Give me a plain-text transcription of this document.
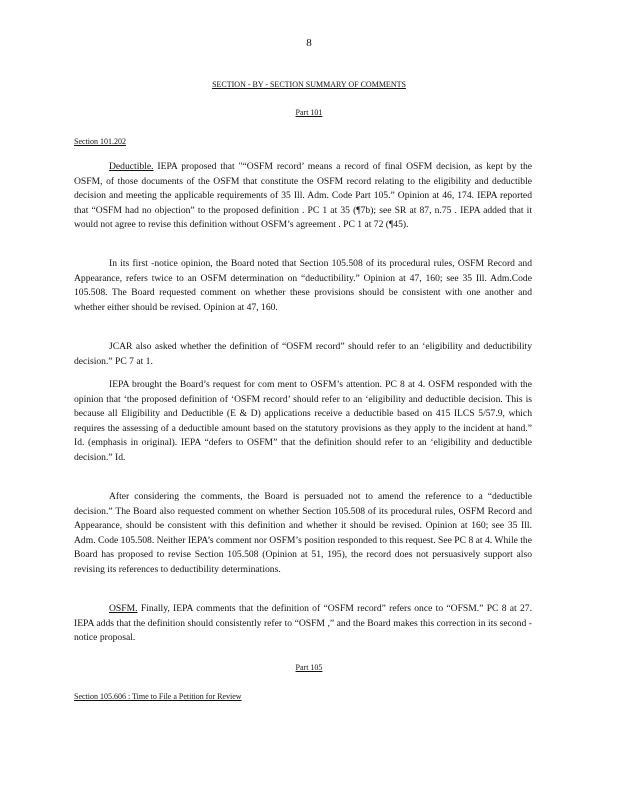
8
SECTION - BY - SECTION SUMMARY OF COMMENTS
Part 101
Section 101.202

Deductible. IEPA proposed that "“OSFM record’ means a record of final OSFM decision, as kept by the OSFM, of those documents of the OSFM that constitute the OSFM record relating to the eligibility and deductible decision and meeting the applicable requirements of 35 Ill. Adm. Code Part 105.” Opinion at 46, 174. IEPA reported that “OSFM had no objection” to the proposed definition . PC 1 at 35 (¶7b); see SR at 87, n.75 . IEPA added that it would not agree to revise this definition without OSFM’s agreement . PC 1 at 72 (¶45).

In its first -notice opinion, the Board noted that Section 105.508 of its procedural rules, OSFM Record and Appearance, refers twice to an OSFM determination on “deductibility.” Opinion at 47, 160; see 35 Ill. Adm.Code 105.508. The Board requested comment on whether these provisions should be consistent with one another and whether either should be revised. Opinion at 47, 160.

JCAR also asked whether the definition of “OSFM record” should refer to an ‘eligibility and deductibility decision.” PC 7 at 1.

IEPA brought the Board’s request for com ment to OSFM’s attention. PC 8 at 4. OSFM responded with the opinion that ‘the proposed definition of ‘OSFM record’ should refer to an ‘eligibility and deductible decision. This is because all Eligibility and Deductible (E & D) applications receive a deductible based on 415 ILCS 5/57.9, which requires the assessing of a deductible amount based on the statutory provisions as they apply to the incident at hand.” Id. (emphasis in original). IEPA “defers to OSFM” that the definition should refer to an ‘eligibility and deductible decision.” Id.

After considering the comments, the Board is persuaded not to amend the reference to a “deductible decision.” The Board also requested comment on whether Section 105.508 of its procedural rules, OSFM Record and Appearance, should be consistent with this definition and whether it should be revised. Opinion at 160; see 35 Ill. Adm. Code 105.508. Neither IEPA’s comment nor OSFM’s position responded to this request. See PC 8 at 4. While the Board has proposed to revise Section 105.508 (Opinion at 51, 195), the record does not persuasively support also revising its references to deductibility determinations.

OSFM. Finally, IEPA comments that the definition of “OSFM record” refers once to “OFSM.” PC 8 at 27. IEPA adds that the definition should consistently refer to “OSFM ,” and the Board makes this correction in its second -notice proposal.

Part 105
Section 105.606 : Time to File a Petition for Review
